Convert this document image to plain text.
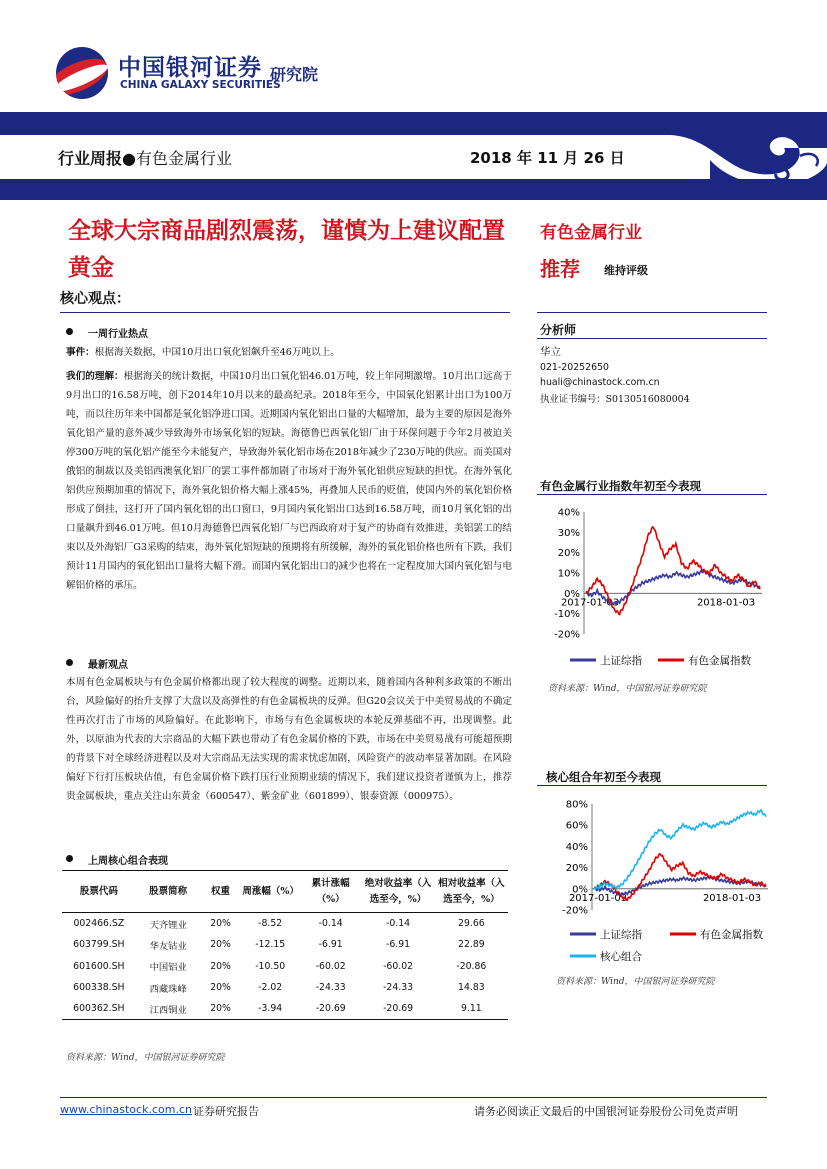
中国银河证券
CHINA GALAXY SECURITIES
研究院
行业周报●有色金属行业	2018 年 11 月 26 日
全球大宗商品剧烈震荡，谨慎为上建议配置黄金
有色金属行业
推荐 维持评级
核心观点：
一周行业热点
事件：根据海关数据，中国10月出口氧化铝飙升至46万吨以上。
我们的理解：根据海关的统计数据，中国10月出口氧化铝46.01万吨，较上年同期激增。10月出口远高于9月出口的16.58万吨，创下2014年10月以来的最高纪录。2018年至今，中国氧化铝累计出口为100万吨，而以往历年来中国都是氧化铝净进口国。近期国内氧化铝出口量的大幅增加，最为主要的原因是海外氧化铝产量的意外减少导致海外市场氧化铝的短缺。海德鲁巴西氧化铝厂由于环保问题于今年2月被迫关停300万吨的氧化铝产能至今未能复产，导致海外氧化铝市场在2018年减少了230万吨的供应。而美国对俄铝的制裁以及美铝西澳氧化铝厂的罢工事件都加剧了市场对于海外氧化铝供应短缺的担忧。在海外氧化铝供应预期加重的情况下，海外氧化铝价格大幅上涨45%，再叠加人民币的贬值，使国内外的氧化铝价格形成了倒挂，这打开了国内氧化铝的出口窗口，9月国内氧化铝出口达到16.58万吨，而10月氧化铝的出口量飙升到46.01万吨。但10月海德鲁巴西氧化铝厂与巴西政府对于复产的协商有效推进，美铝罢工的结束以及外海铝厂G3采购的结束，海外氧化铝短缺的预期将有所缓解，海外的氧化铝价格也所有下跌，我们预计11月国内的氧化铝出口量将大幅下滑。而国内氧化铝出口的减少也将在一定程度加大国内氧化铝与电解铝价格的承压。
最新观点
本周有色金属板块与有色金属价格都出现了较大程度的调整。近期以来，随着国内各种利多政策的不断出台，风险偏好的抬升支撑了大盘以及高弹性的有色金属板块的反弹。但G20会议关于中美贸易战的不确定性再次打击了市场的风险偏好。在此影响下，市场与有色金属板块的本轮反弹基础不再，出现调整。此外，以原油为代表的大宗商品的大幅下跌也带动了有色金属价格的下跌，市场在中美贸易战有可能超预期的背景下对全球经济进程以及对大宗商品无法实现的需求忧虑加剧，风险资产的波动率显著加剧。在风险偏好下行打压板块估值，有色金属价格下跌打压行业预期业绩的情况下，我们建议投资者谨慎为上，推荐贵金属板块，重点关注山东黄金（600547）、紫金矿业（601899）、银泰资源（000975）。
上周核心组合表现
股票代码	股票简称	权重	周涨幅（%）	累计涨幅（%）	绝对收益率（入选至今，%）	相对收益率（入选至今，%）
002466.SZ	天齐锂业	20%	-8.52	-0.14	-0.14	29.66
603799.SH	华友钴业	20%	-12.15	-6.91	-6.91	22.89
601600.SH	中国铝业	20%	-10.50	-60.02	-60.02	-20.86
600338.SH	西藏珠峰	20%	-2.02	-24.33	-24.33	14.83
600362.SH	江西铜业	20%	-3.94	-20.69	-20.69	9.11
资料来源：Wind，中国银河证券研究院
分析师
华立
021-20252650
huali@chinastock.com.cn
执业证书编号：S0130516080004
有色金属行业指数年初至今表现
40%
30%
20%
10%
0%
-10%
-20%
2017-01-03	2018-01-03
上证综指	有色金属指数
资料来源：Wind，中国银河证券研究院
核心组合年初至今表现
80%
60%
40%
20%
0%
-20%
2017-01-03	2018-01-03
上证综指	有色金属指数
核心组合
资料来源：Wind，中国银河证券研究院
www.chinastock.com.cn 证券研究报告	请务必阅读正文最后的中国银河证券股份公司免责声明
